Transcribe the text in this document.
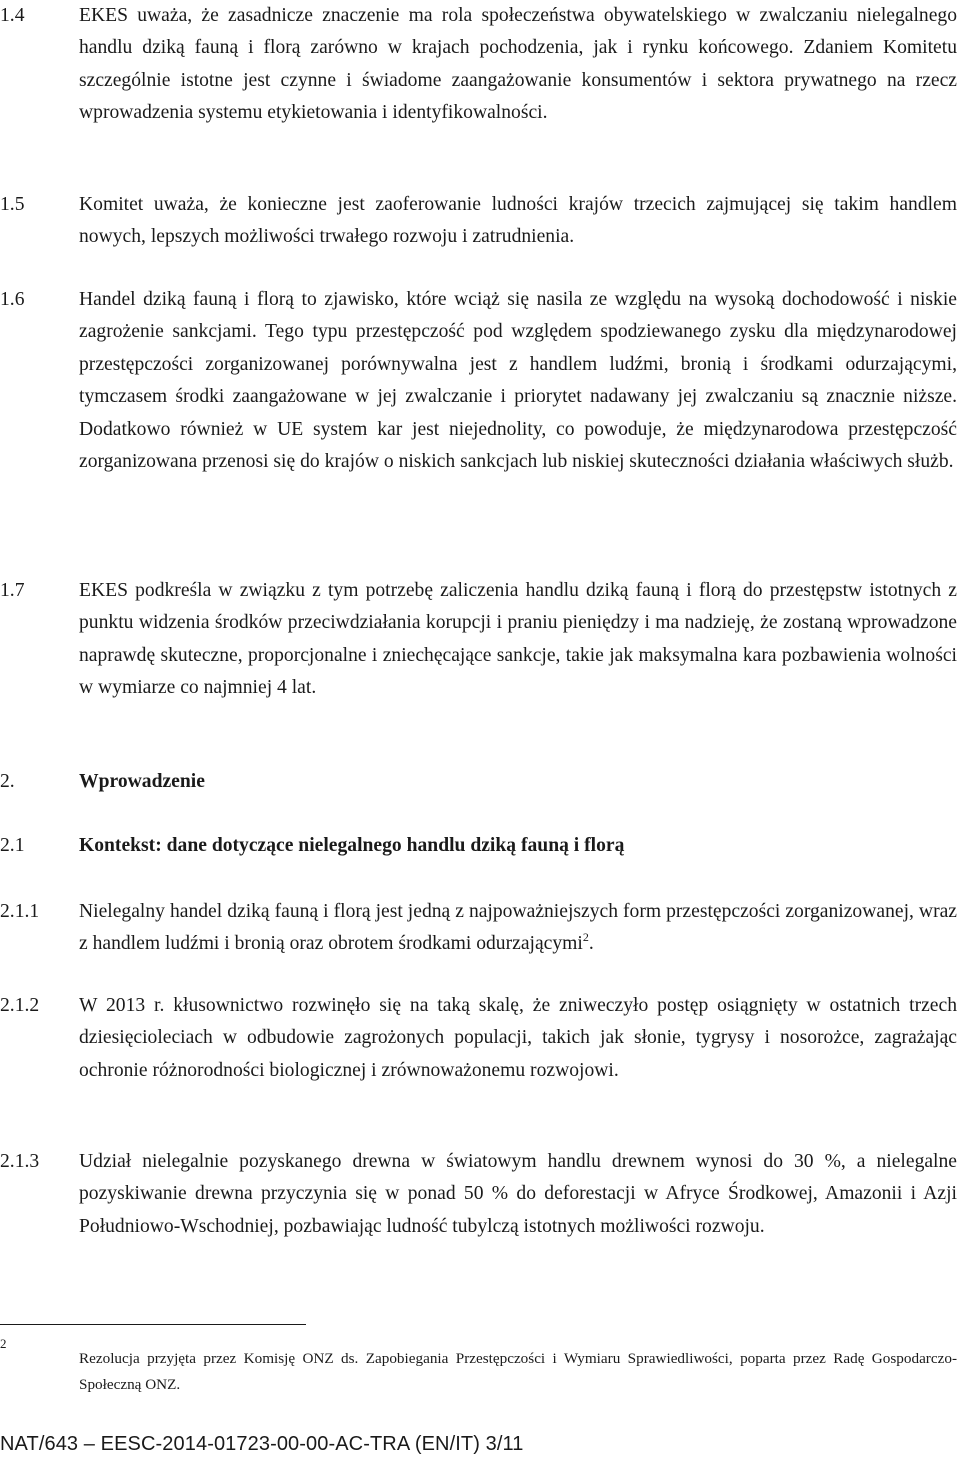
1.4	EKES uważa, że zasadnicze znaczenie ma rola społeczeństwa obywatelskiego w zwalczaniu nielegalnego handlu dziką fauną i florą zarówno w krajach pochodzenia, jak i rynku końcowego. Zdaniem Komitetu szczególnie istotne jest czynne i świadome zaangażowanie konsumentów i sektora prywatnego na rzecz wprowadzenia systemu etykietowania i identyfikowalności.
1.5	Komitet uważa, że konieczne jest zaoferowanie ludności krajów trzecich zajmującej się takim handlem nowych, lepszych możliwości trwałego rozwoju i zatrudnienia.
1.6	Handel dziką fauną i florą to zjawisko, które wciąż się nasila ze względu na wysoką dochodowość i niskie zagrożenie sankcjami. Tego typu przestępczość pod względem spodziewanego zysku dla międzynarodowej przestępczości zorganizowanej porównywalna jest z handlem ludźmi, bronią i środkami odurzającymi, tymczasem środki zaangażowane w jej zwalczanie i priorytet nadawany jej zwalczaniu są znacznie niższe. Dodatkowo również w UE system kar jest niejednolity, co powoduje, że międzynarodowa przestępczość zorganizowana przenosi się do krajów o niskich sankcjach lub niskiej skuteczności działania właściwych służb.
1.7	EKES podkreśla w związku z tym potrzebę zaliczenia handlu dziką fauną i florą do przestępstw istotnych z punktu widzenia środków przeciwdziałania korupcji i praniu pieniędzy i ma nadzieję, że zostaną wprowadzone naprawdę skuteczne, proporcjonalne i zniechęcające sankcje, takie jak maksymalna kara pozbawienia wolności w wymiarze co najmniej 4 lat.
2.	Wprowadzenie
2.1	Kontekst: dane dotyczące nielegalnego handlu dziką fauną i florą
2.1.1	Nielegalny handel dziką fauną i florą jest jedną z najpoważniejszych form przestępczości zorganizowanej, wraz z handlem ludźmi i bronią oraz obrotem środkami odurzającymi$^2$.
2.1.2	W 2013 r. kłusownictwo rozwinęło się na taką skalę, że zniweczyło postęp osiągnięty w ostatnich trzech dziesięcioleciach w odbudowie zagrożonych populacji, takich jak słonie, tygrysy i nosorożce, zagrażając ochronie różnorodności biologicznej i zrównoważonemu rozwojowi.
2.1.3	Udział nielegalnie pozyskanego drewna w światowym handlu drewnem wynosi do 30 %, a nielegalne pozyskiwanie drewna przyczynia się w ponad 50 % do deforestacji w Afryce Środkowej, Amazonii i Azji Południowo-Wschodniej, pozbawiając ludność tubylczą istotnych możliwości rozwoju.
2
Rezolucja przyjęta przez Komisję ONZ ds. Zapobiegania Przestępczości i Wymiaru Sprawiedliwości, poparta przez Radę Gospodarczo-Społeczną ONZ.
NAT/643 – EESC-2014-01723-00-00-AC-TRA (EN/IT) 3/11
